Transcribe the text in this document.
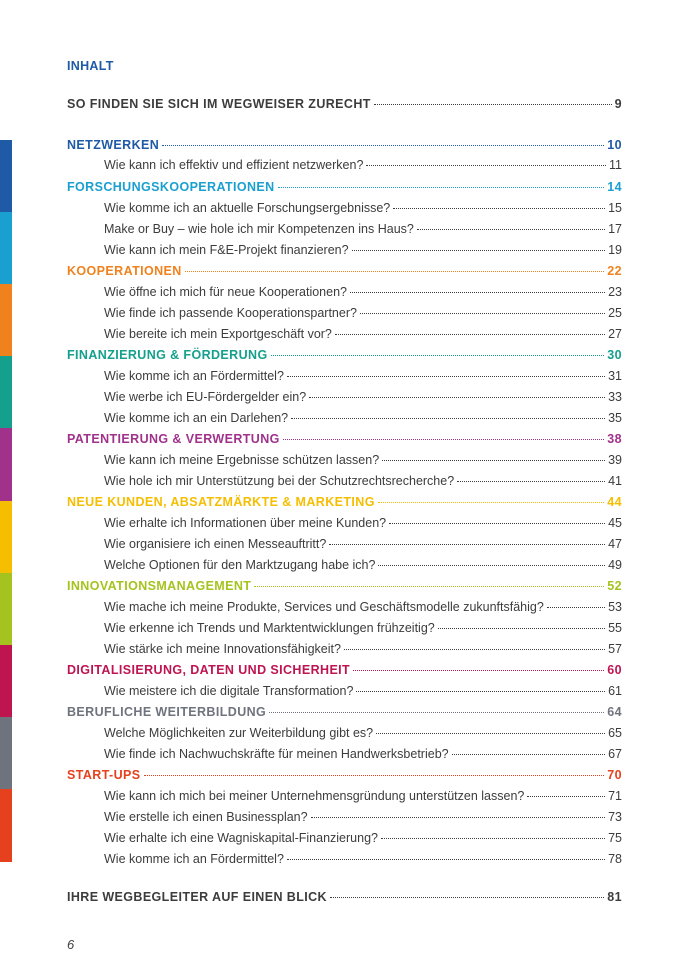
INHALT
SO FINDEN SIE SICH IM WEGWEISER ZURECHT	9
NETZWERKEN	10
Wie kann ich effektiv und effizient netzwerken?	11
FORSCHUNGSKOOPERATIONEN	14
Wie komme ich an aktuelle Forschungsergebnisse?	15
Make or Buy – wie hole ich mir Kompetenzen ins Haus?	17
Wie kann ich mein F&E-Projekt finanzieren?	19
KOOPERATIONEN	22
Wie öffne ich mich für neue Kooperationen?	23
Wie finde ich passende Kooperationspartner?	25
Wie bereite ich mein Exportgeschäft vor?	27
FINANZIERUNG & FÖRDERUNG	30
Wie komme ich an Fördermittel?	31
Wie werbe ich EU-Fördergelder ein?	33
Wie komme ich an ein Darlehen?	35
PATENTIERUNG & VERWERTUNG	38
Wie kann ich meine Ergebnisse schützen lassen?	39
Wie hole ich mir Unterstützung bei der Schutzrechtsrecherche?	41
NEUE KUNDEN, ABSATZMÄRKTE & MARKETING	44
Wie erhalte ich Informationen über meine Kunden?	45
Wie organisiere ich einen Messeauftritt?	47
Welche Optionen für den Marktzugang habe ich?	49
INNOVATIONSMANAGEMENT	52
Wie mache ich meine Produkte, Services und Geschäftsmodelle zukunftsfähig?	53
Wie erkenne ich Trends und Marktentwicklungen frühzeitig?	55
Wie stärke ich meine Innovationsfähigkeit?	57
DIGITALISIERUNG, DATEN UND SICHERHEIT	60
Wie meistere ich die digitale Transformation?	61
BERUFLICHE WEITERBILDUNG	64
Welche Möglichkeiten zur Weiterbildung gibt es?	65
Wie finde ich Nachwuchskräfte für meinen Handwerksbetrieb?	67
START-UPS	70
Wie kann ich mich bei meiner Unternehmensgründung unterstützen lassen?	71
Wie erstelle ich einen Businessplan?	73
Wie erhalte ich eine Wagniskapital-Finanzierung?	75
Wie komme ich an Fördermittel?	78
IHRE WEGBEGLEITER AUF EINEN BLICK	81
6
